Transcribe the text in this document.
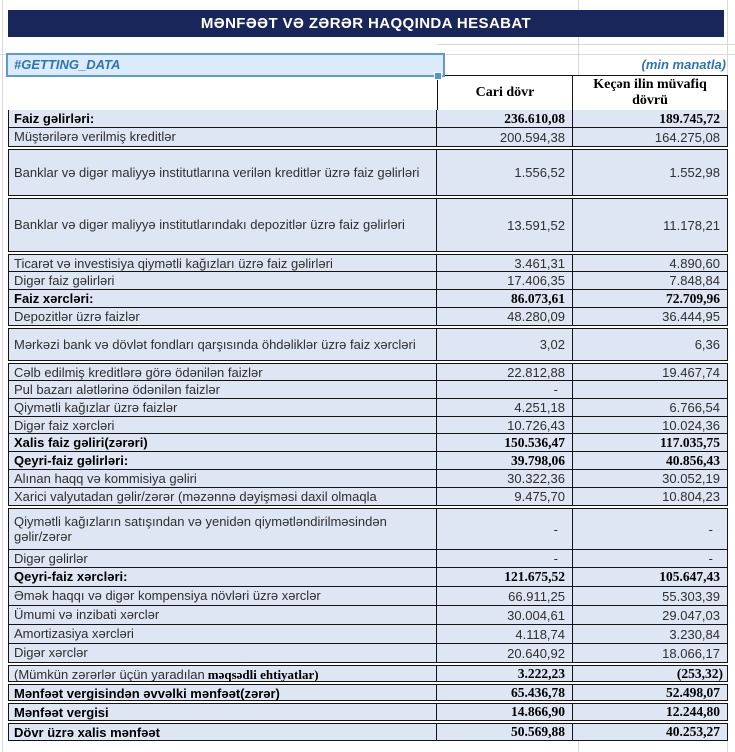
MƏNFƏƏT VƏ ZƏRƏR HAQQINDA HESABAT
#GETTING_DATA	(min manatla)
Cari dövr
Keçən ilin müvafiq dövrü
Faiz gəlirləri:	236.610,08	189.745,72
Müştərilərə verilmiş kreditlər	200.594,38	164.275,08
Banklar və digər maliyyə institutlarına verilən kreditlər üzrə faiz gəlirləri	1.556,52	1.552,98
Banklar və digər maliyyə institutlarındakı depozitlər üzrə faiz gəlirləri	13.591,52	11.178,21
Ticarət və investisiya qiymətli kağızları üzrə faiz gəlirləri	3.461,31	4.890,60
Digər faiz gəlirləri	17.406,35	7.848,84
Faiz xərcləri:	86.073,61	72.709,96
Depozitlər üzrə faizlər	48.280,09	36.444,95
Mərkəzi bank və dövlət fondları qarşısında öhdəliklər üzrə faiz xərcləri	3,02	6,36
Cəlb edilmiş kreditlərə görə ödənilən faizlər	22.812,88	19.467,74
Pul bazarı alətlərinə ödənilən faizlər	-
Qiymətli kağızlar üzrə faizlər	4.251,18	6.766,54
Digər faiz xərcləri	10.726,43	10.024,36
Xalis faiz gəliri(zərəri)	150.536,47	117.035,75
Qeyri-faiz gəlirləri:	39.798,06	40.856,43
Alınan haqq və kommisiya gəliri	30.322,36	30.052,19
Xarici valyutadan gəlir/zərər (məzənnə dəyişməsi daxil olmaqla	9.475,70	10.804,23
Qiymətli kağızların satışından və yenidən qiymətləndirilməsindən gəlir/zərər	-	-
Digər gəlirlər	-	-
Qeyri-faiz xərcləri:	121.675,52	105.647,43
Əmək haqqı və digər kompensiya növləri üzrə xərclər	66.911,25	55.303,39
Ümumi və inzibati xərclər	30.004,61	29.047,03
Amortizasiya xərcləri	4.118,74	3.230,84
Digər xərclər	20.640,92	18.066,17
(Mümkün zərərlər üçün yaradılan məqsədli ehtiyatlar)	3.222,23	(253,32)
Mənfəət vergisindən əvvəlki mənfəət(zərər)	65.436,78	52.498,07
Mənfəət vergisi	14.866,90	12.244,80
Dövr üzrə xalis mənfəət	50.569,88	40.253,27
